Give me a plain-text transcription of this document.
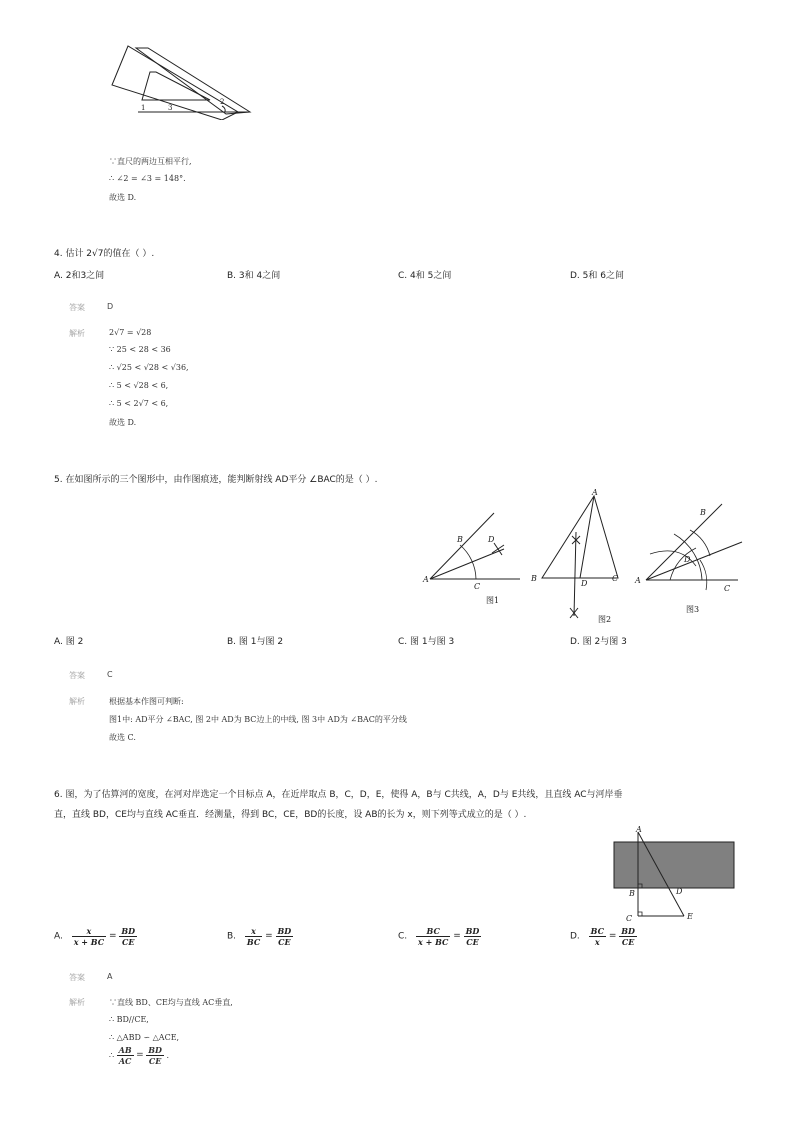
1	3
2
∵直尺的两边互相平行,
∴ ∠2 = ∠3 = 148°.
故选 D.
4. 估计 2√7的值在（ ）.
A. 2和3之间	B. 3和 4之间	C. 4和 5之间	D. 5和 6之间
答案	D
解析	2√7 = √28
∵ 25 < 28 < 36
∴ √25 < √28 < √36,
∴ 5 < √28 < 6,
∴ 5 < 2√7 < 6,
故选 D.
5. 在如图所示的三个图形中，由作图痕迹，能判断射线 AD平分 ∠BAC的是（ ）.
A
B
C
D
图1
A
B	C
D
图2
A
B
C
D
图3
A. 图 2	B. 图 1与图 2	C. 图 1与图 3	D. 图 2与图 3
答案	C
解析	根据基本作图可判断:
图1中: AD平分 ∠BAC, 图 2中 AD为 BC边上的中线, 图 3中 AD为 ∠BAC的平分线
故选 C.
6. 图，为了估算河的宽度，在河对岸选定一个目标点 A，在近岸取点 B，C，D，E，使得 A，B与 C共线，A，D与 E共线，且直线 AC与河岸垂
直，直线 BD，CE均与直线 AC垂直．经测量，得到 BC，CE，BD的长度，设 AB的长为 x，则下列等式成立的是（ ）.
A
B	D
C	E
A. $\frac{x}{x + BC} = \frac{BD}{CE}$	B. $\frac{x}{BC} = \frac{BD}{CE}$	C. $\frac{BC}{x + BC} = \frac{BD}{CE}$	D. $\frac{BC}{x} = \frac{BD}{CE}$
答案	A
解析	∵直线 BD、CE均与直线 AC垂直,
∴ BD//CE,
∴ △ABD ∽ △ACE,
∴ $\frac{AB}{AC} = \frac{BD}{CE}$ .
